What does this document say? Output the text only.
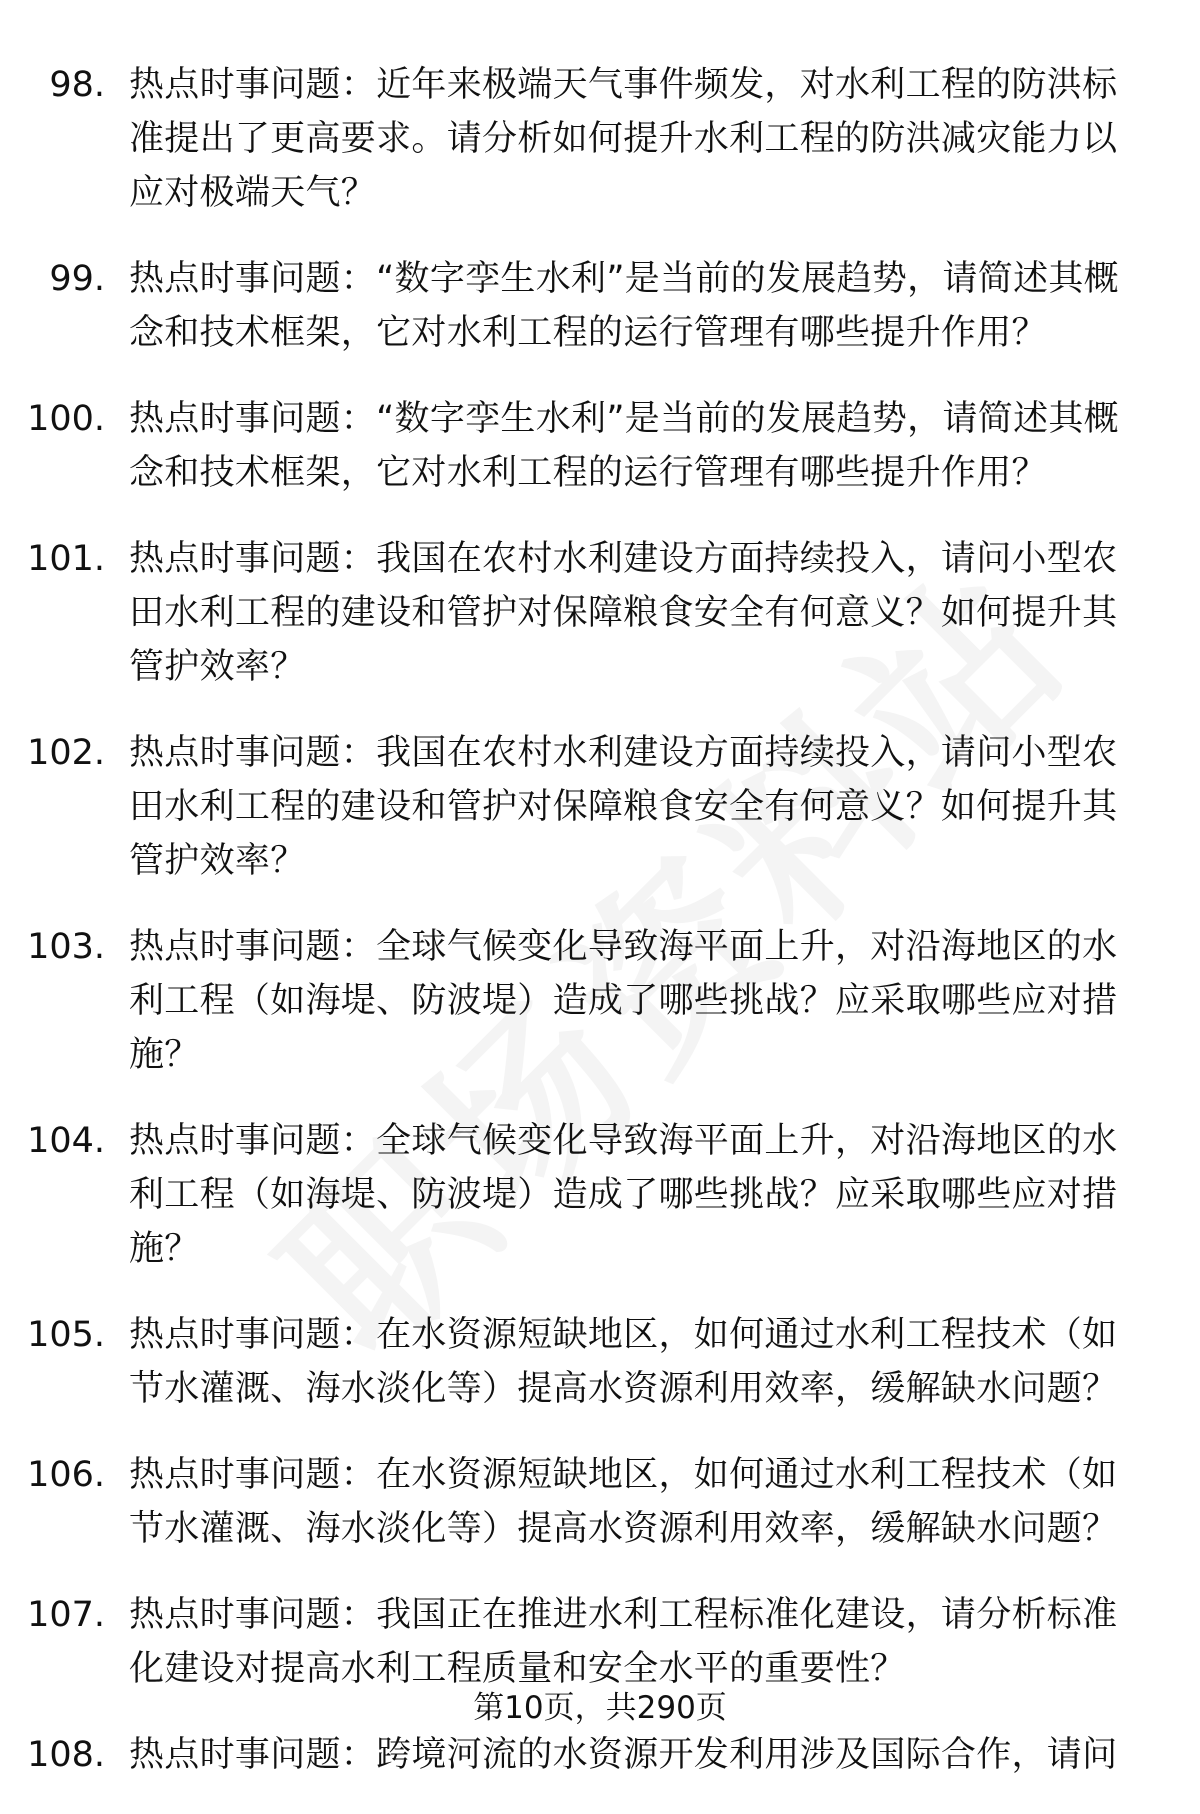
98. 热点时事问题：近年来极端天气事件频发，对水利工程的防洪标准提出了更高要求。请分析如何提升水利工程的防洪减灾能力以应对极端天气？
99. 热点时事问题：“数字孪生水利”是当前的发展趋势，请简述其概念和技术框架，它对水利工程的运行管理有哪些提升作用？
100. 热点时事问题：“数字孪生水利”是当前的发展趋势，请简述其概念和技术框架，它对水利工程的运行管理有哪些提升作用？
101. 热点时事问题：我国在农村水利建设方面持续投入，请问小型农田水利工程的建设和管护对保障粮食安全有何意义？如何提升其管护效率？
102. 热点时事问题：我国在农村水利建设方面持续投入，请问小型农田水利工程的建设和管护对保障粮食安全有何意义？如何提升其管护效率？
103. 热点时事问题：全球气候变化导致海平面上升，对沿海地区的水利工程（如海堤、防波堤）造成了哪些挑战？应采取哪些应对措施？
104. 热点时事问题：全球气候变化导致海平面上升，对沿海地区的水利工程（如海堤、防波堤）造成了哪些挑战？应采取哪些应对措施？
105. 热点时事问题：在水资源短缺地区，如何通过水利工程技术（如节水灌溉、海水淡化等）提高水资源利用效率，缓解缺水问题？
106. 热点时事问题：在水资源短缺地区，如何通过水利工程技术（如节水灌溉、海水淡化等）提高水资源利用效率，缓解缺水问题？
107. 热点时事问题：我国正在推进水利工程标准化建设，请分析标准化建设对提高水利工程质量和安全水平的重要性？
108. 热点时事问题：跨境河流的水资源开发利用涉及国际合作，请问
第10页，共290页
